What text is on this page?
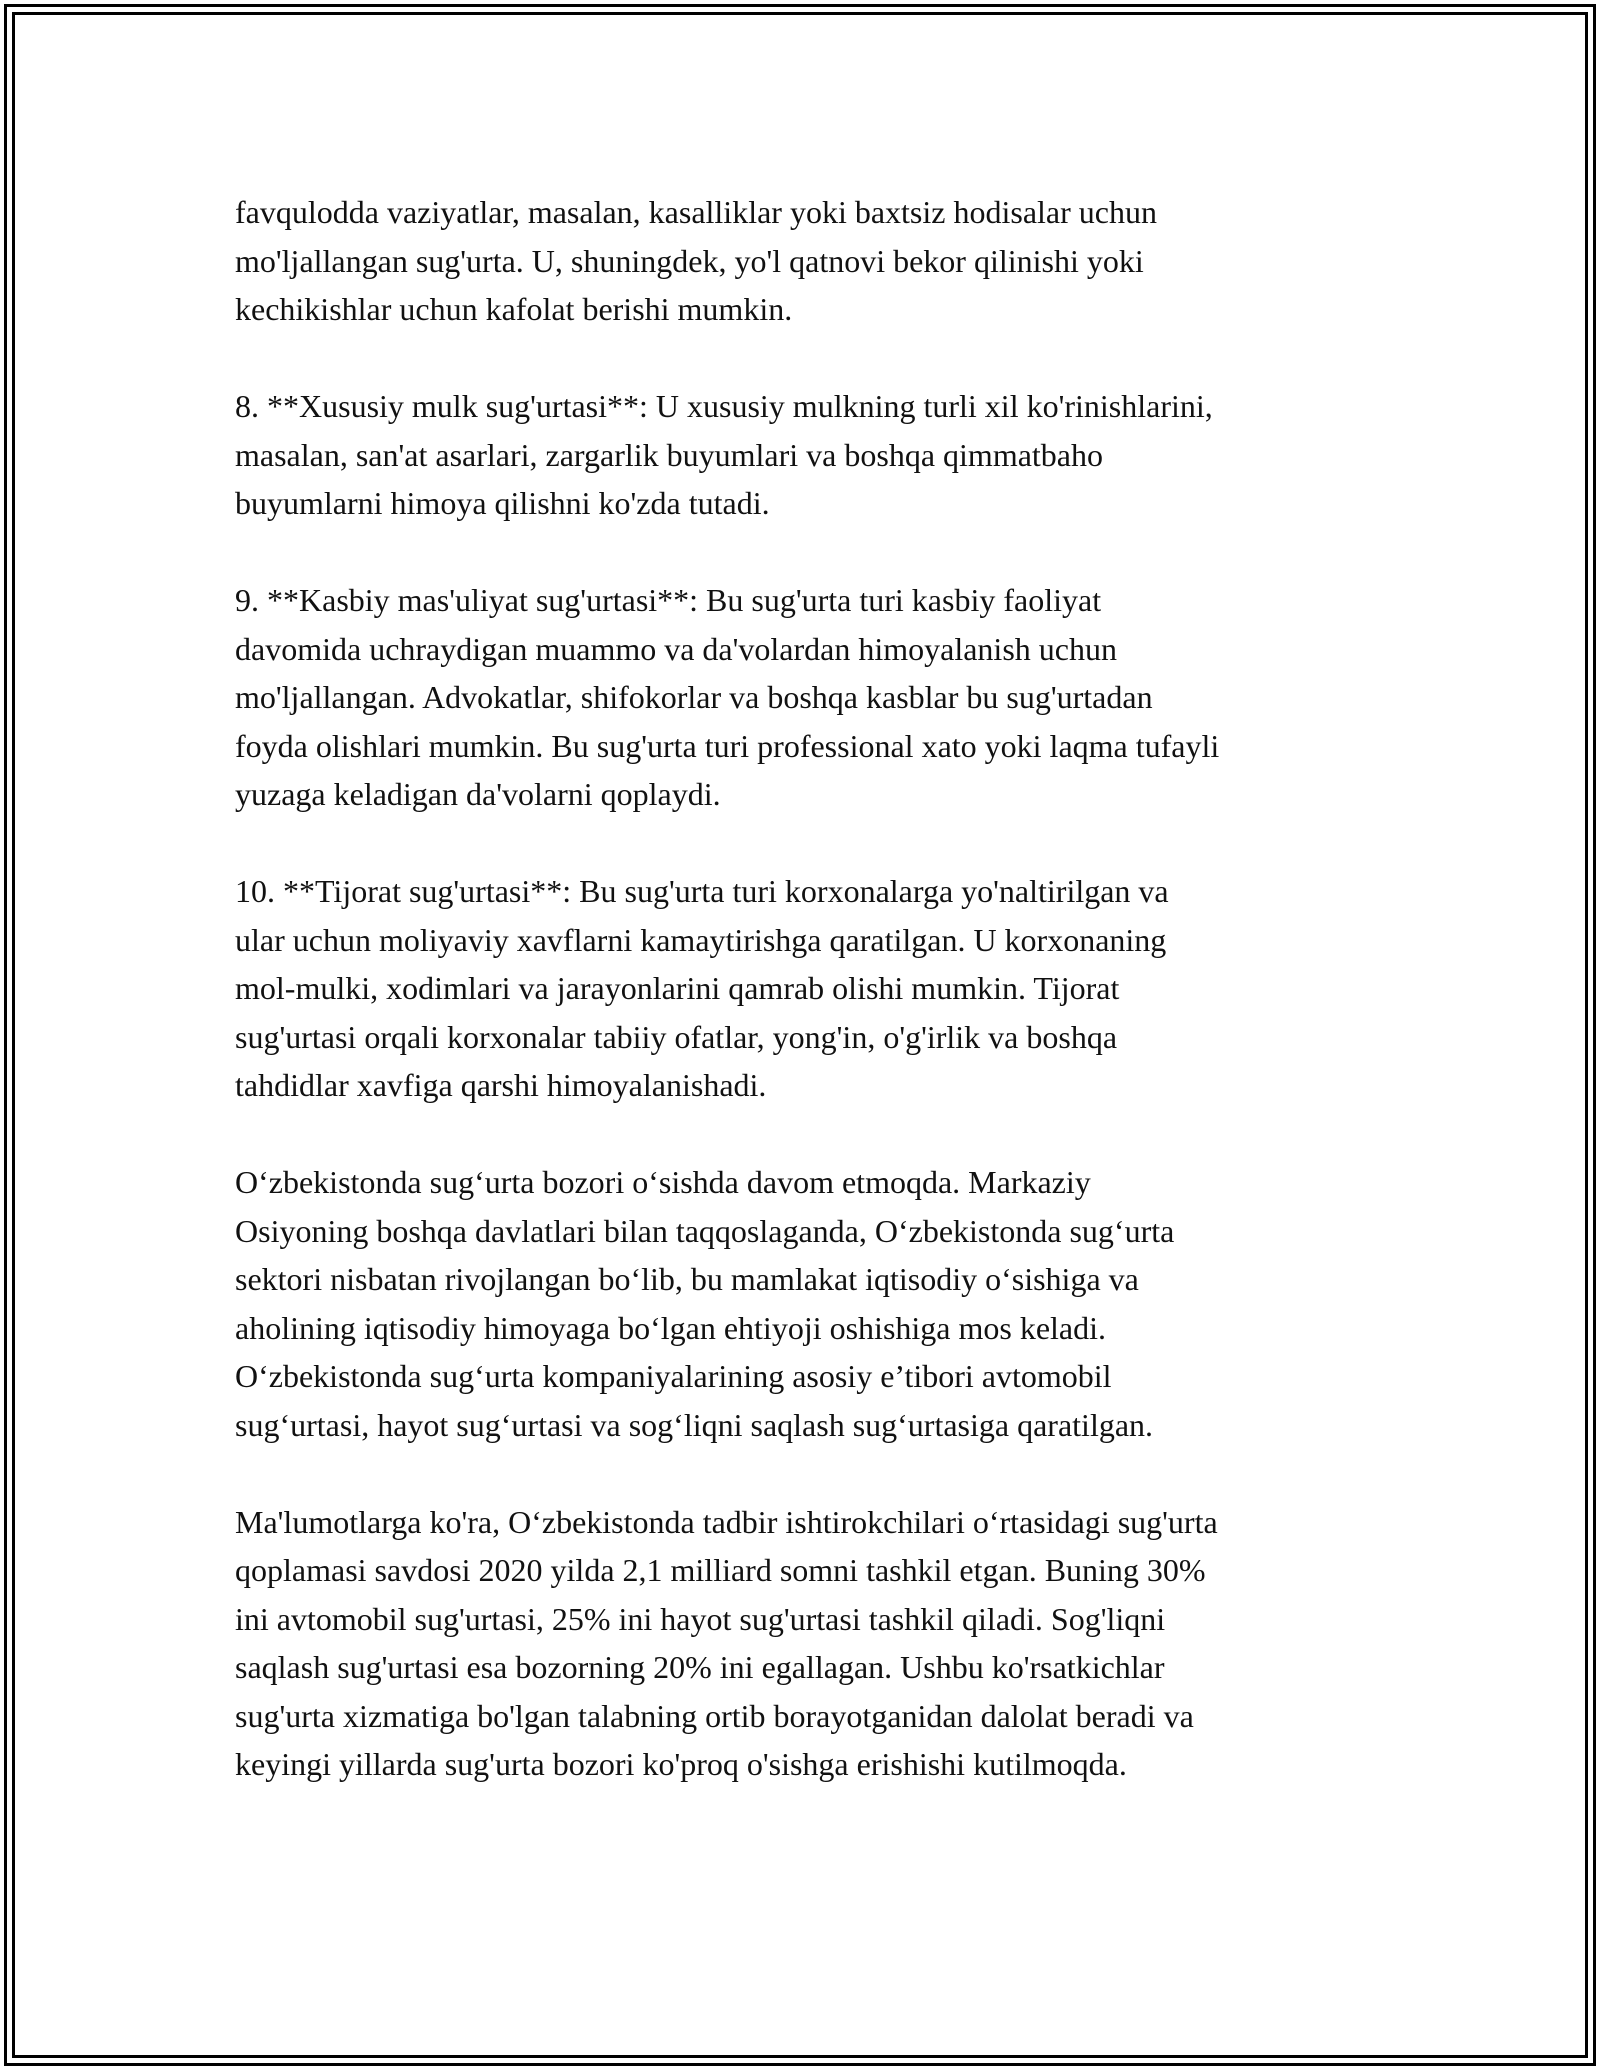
favqulodda vaziyatlar, masalan, kasalliklar yoki baxtsiz hodisalar uchun
mo'ljallangan sug'urta. U, shuningdek, yo'l qatnovi bekor qilinishi yoki
kechikishlar uchun kafolat berishi mumkin.

8. **Xususiy mulk sug'urtasi**: U xususiy mulkning turli xil ko'rinishlarini,
masalan, san'at asarlari, zargarlik buyumlari va boshqa qimmatbaho
buyumlarni himoya qilishni ko'zda tutadi.

9. **Kasbiy mas'uliyat sug'urtasi**: Bu sug'urta turi kasbiy faoliyat
davomida uchraydigan muammo va da'volardan himoyalanish uchun
mo'ljallangan. Advokatlar, shifokorlar va boshqa kasblar bu sug'urtadan
foyda olishlari mumkin. Bu sug'urta turi professional xato yoki laqma tufayli
yuzaga keladigan da'volarni qoplaydi.

10. **Tijorat sug'urtasi**: Bu sug'urta turi korxonalarga yo'naltirilgan va
ular uchun moliyaviy xavflarni kamaytirishga qaratilgan. U korxonaning
mol-mulki, xodimlari va jarayonlarini qamrab olishi mumkin. Tijorat
sug'urtasi orqali korxonalar tabiiy ofatlar, yong'in, o'g'irlik va boshqa
tahdidlar xavfiga qarshi himoyalanishadi.

O‘zbekistonda sug‘urta bozori o‘sishda davom etmoqda. Markaziy
Osiyoning boshqa davlatlari bilan taqqoslaganda, O‘zbekistonda sug‘urta
sektori nisbatan rivojlangan bo‘lib, bu mamlakat iqtisodiy o‘sishiga va
aholining iqtisodiy himoyaga bo‘lgan ehtiyoji oshishiga mos keladi.
O‘zbekistonda sug‘urta kompaniyalarining asosiy e’tibori avtomobil
sug‘urtasi, hayot sug‘urtasi va sog‘liqni saqlash sug‘urtasiga qaratilgan.

Ma'lumotlarga ko'ra, O‘zbekistonda tadbir ishtirokchilari o‘rtasidagi sug'urta
qoplamasi savdosi 2020 yilda 2,1 milliard somni tashkil etgan. Buning 30%
ini avtomobil sug'urtasi, 25% ini hayot sug'urtasi tashkil qiladi. Sog'liqni
saqlash sug'urtasi esa bozorning 20% ini egallagan. Ushbu ko'rsatkichlar
sug'urta xizmatiga bo'lgan talabning ortib borayotganidan dalolat beradi va
keyingi yillarda sug'urta bozori ko'proq o'sishga erishishi kutilmoqda.
